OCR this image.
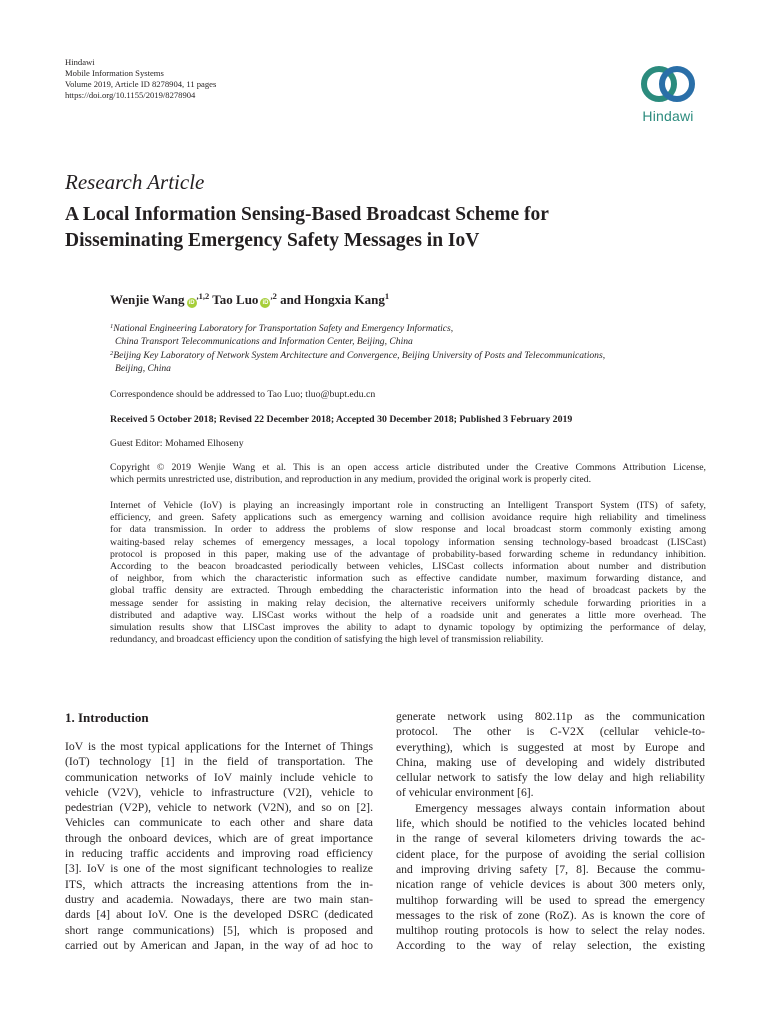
Hindawi
Mobile Information Systems
Volume 2019, Article ID 8278904, 11 pages
https://doi.org/10.1155/2019/8278904
Hindawi
Research Article
A Local Information Sensing-Based Broadcast Scheme for
Disseminating Emergency Safety Messages in IoV
Wenjie Wang $iD^{,1,2}$ Tao Luo $iD^{,2}$ and Hongxia Kang$^1$
$^1$National Engineering Laboratory for Transportation Safety and Emergency Informatics,
China Transport Telecommunications and Information Center, Beijing, China
$^2$Beijing Key Laboratory of Network System Architecture and Convergence, Beijing University of Posts and Telecommunications,
Beijing, China
Correspondence should be addressed to Tao Luo; tluo@bupt.edu.cn
Received 5 October 2018; Revised 22 December 2018; Accepted 30 December 2018; Published 3 February 2019
Guest Editor: Mohamed Elhoseny
Copyright © 2019 Wenjie Wang et al. This is an open access article distributed under the Creative Commons Attribution License,
which permits unrestricted use, distribution, and reproduction in any medium, provided the original work is properly cited.
Internet of Vehicle (IoV) is playing an increasingly important role in constructing an Intelligent Transport System (ITS) of safety,
efficiency, and green. Safety applications such as emergency warning and collision avoidance require high reliability and timeliness
for data transmission. In order to address the problems of slow response and local broadcast storm commonly existing among
waiting-based relay schemes of emergency messages, a local topology information sensing technology-based broadcast (LISCast)
protocol is proposed in this paper, making use of the advantage of probability-based forwarding scheme in redundancy inhibition.
According to the beacon broadcasted periodically between vehicles, LISCast collects information about number and distribution
of neighbor, from which the characteristic information such as effective candidate number, maximum forwarding distance, and
global traffic density are extracted. Through embedding the characteristic information into the head of broadcast packets by the
message sender for assisting in making relay decision, the alternative receivers uniformly schedule forwarding priorities in a
distributed and adaptive way. LISCast works without the help of a roadside unit and generates a little more overhead. The
simulation results show that LISCast improves the ability to adapt to dynamic topology by optimizing the performance of delay,
redundancy, and broadcast efficiency upon the condition of satisfying the high level of transmission reliability.
1. Introduction
IoV is the most typical applications for the Internet of Things
(IoT) technology [1] in the field of transportation. The
communication networks of IoV mainly include vehicle to
vehicle (V2V), vehicle to infrastructure (V2I), vehicle to
pedestrian (V2P), vehicle to network (V2N), and so on [2].
Vehicles can communicate to each other and share data
through the onboard devices, which are of great importance
in reducing traffic accidents and improving road efficiency
[3]. IoV is one of the most significant technologies to realize
ITS, which attracts the increasing attentions from the in-
dustry and academia. Nowadays, there are two main stan-
dards [4] about IoV. One is the developed DSRC (dedicated
short range communications) [5], which is proposed and
carried out by American and Japan, in the way of ad hoc to
generate network using 802.11p as the communication
protocol. The other is C-V2X (cellular vehicle-to-
everything), which is suggested at most by Europe and
China, making use of developing and widely distributed
cellular network to satisfy the low delay and high reliability
of vehicular environment [6].
Emergency messages always contain information about
life, which should be notified to the vehicles located behind
in the range of several kilometers driving towards the ac-
cident place, for the purpose of avoiding the serial collision
and improving driving safety [7, 8]. Because the commu-
nication range of vehicle devices is about 300 meters only,
multihop forwarding will be used to spread the emergency
messages to the risk of zone (RoZ). As is known the core of
multihop routing protocols is how to select the relay nodes.
According to the way of relay selection, the existing
